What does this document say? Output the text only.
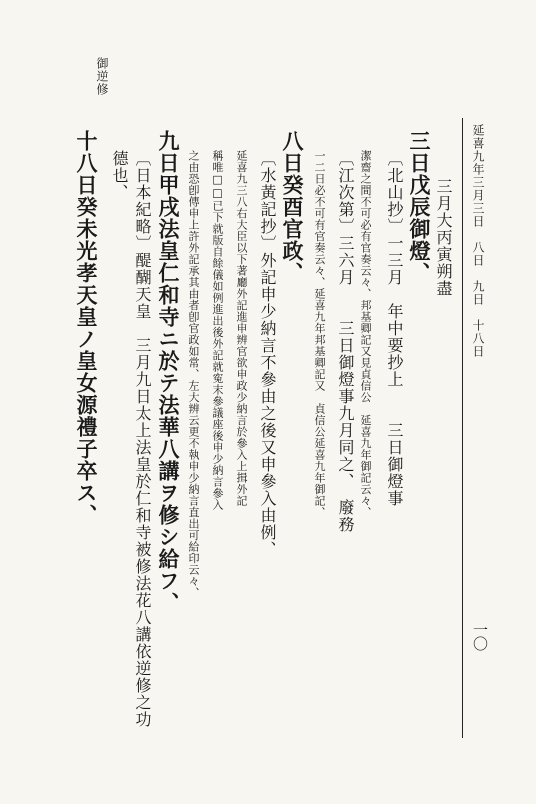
御逆修
延喜九年三月三日　八日　九日　十八日
一〇
三月大丙寅朔盡
三日戊辰御燈、
〔北山抄〕一三月　年中要抄上　　三日御燈事
潔齋之間不可必有官奏云々、邦基卿記又見貞信公　延喜九年御記云々、
〔江次第〕三六月　　三日御燈事九月同之、　廢務
一二日必不可有官奏云々、延喜九年邦基卿記又　貞信公延喜九年御記、
八日癸酉官政、
〔水黃記抄〕外記申少納言不參由之後又申參入由例、
延喜九三八右大臣以下著廳外記進申辨官欲申政少納言於參入上揖外記
稱唯□□已下就版自餘儀如例進出後外記就寃末參議座後申少納言參入
之由恐卽傳申上許外記承其由者卽官政如常、左大辨云更不執申少納言直出可給印云々、
九日甲戌法皇仁和寺ニ於テ法華八講ヲ修シ給フ、
〔日本紀略〕醍醐天皇　三月九日太上法皇於仁和寺被修法花八講依逆修之功
德也、
十八日癸未光孝天皇ノ皇女源禮子卒ス、
